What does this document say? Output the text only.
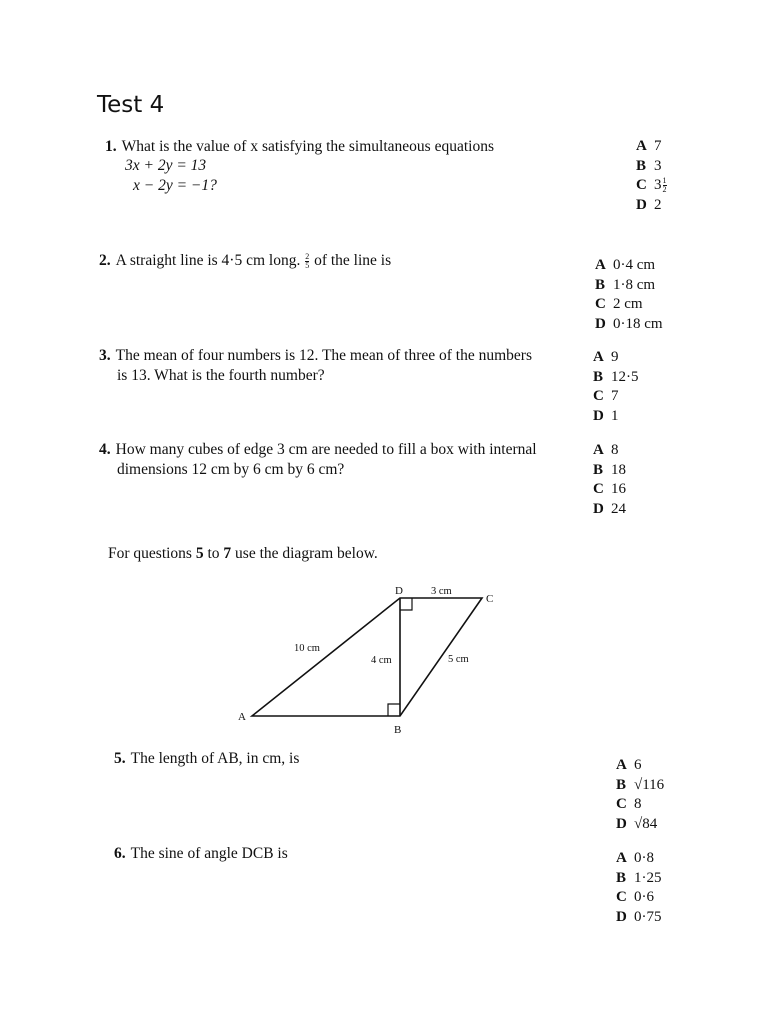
Test 4
1. What is the value of x satisfying the simultaneous equations
3x + 2y = 13
x − 2y = −1?
A 7
B 3
C $3 \frac{1}{2}$
D 2
2. A straight line is 4·5 cm long. $\frac{2}{5}$ of the line is	A 0·4 cm
B 1·8 cm
C 2 cm
D 0·18 cm
3. The mean of four numbers is 12. The mean of three of the numbers
is 13. What is the fourth number?
A 9
B 12·5
C 7
D 1
4. How many cubes of edge 3 cm are needed to fill a box with internal
dimensions 12 cm by 6 cm by 6 cm?
A 8
B 18
C 16
D 24
For questions 5 to 7 use the diagram below.
A
B
C
D	3 cm
10 cm
4 cm	5 cm
5. The length of AB, in cm, is	A 6
B √116
C 8
D √84
6. The sine of angle DCB is	A 0·8
B 1·25
C 0·6
D 0·75
